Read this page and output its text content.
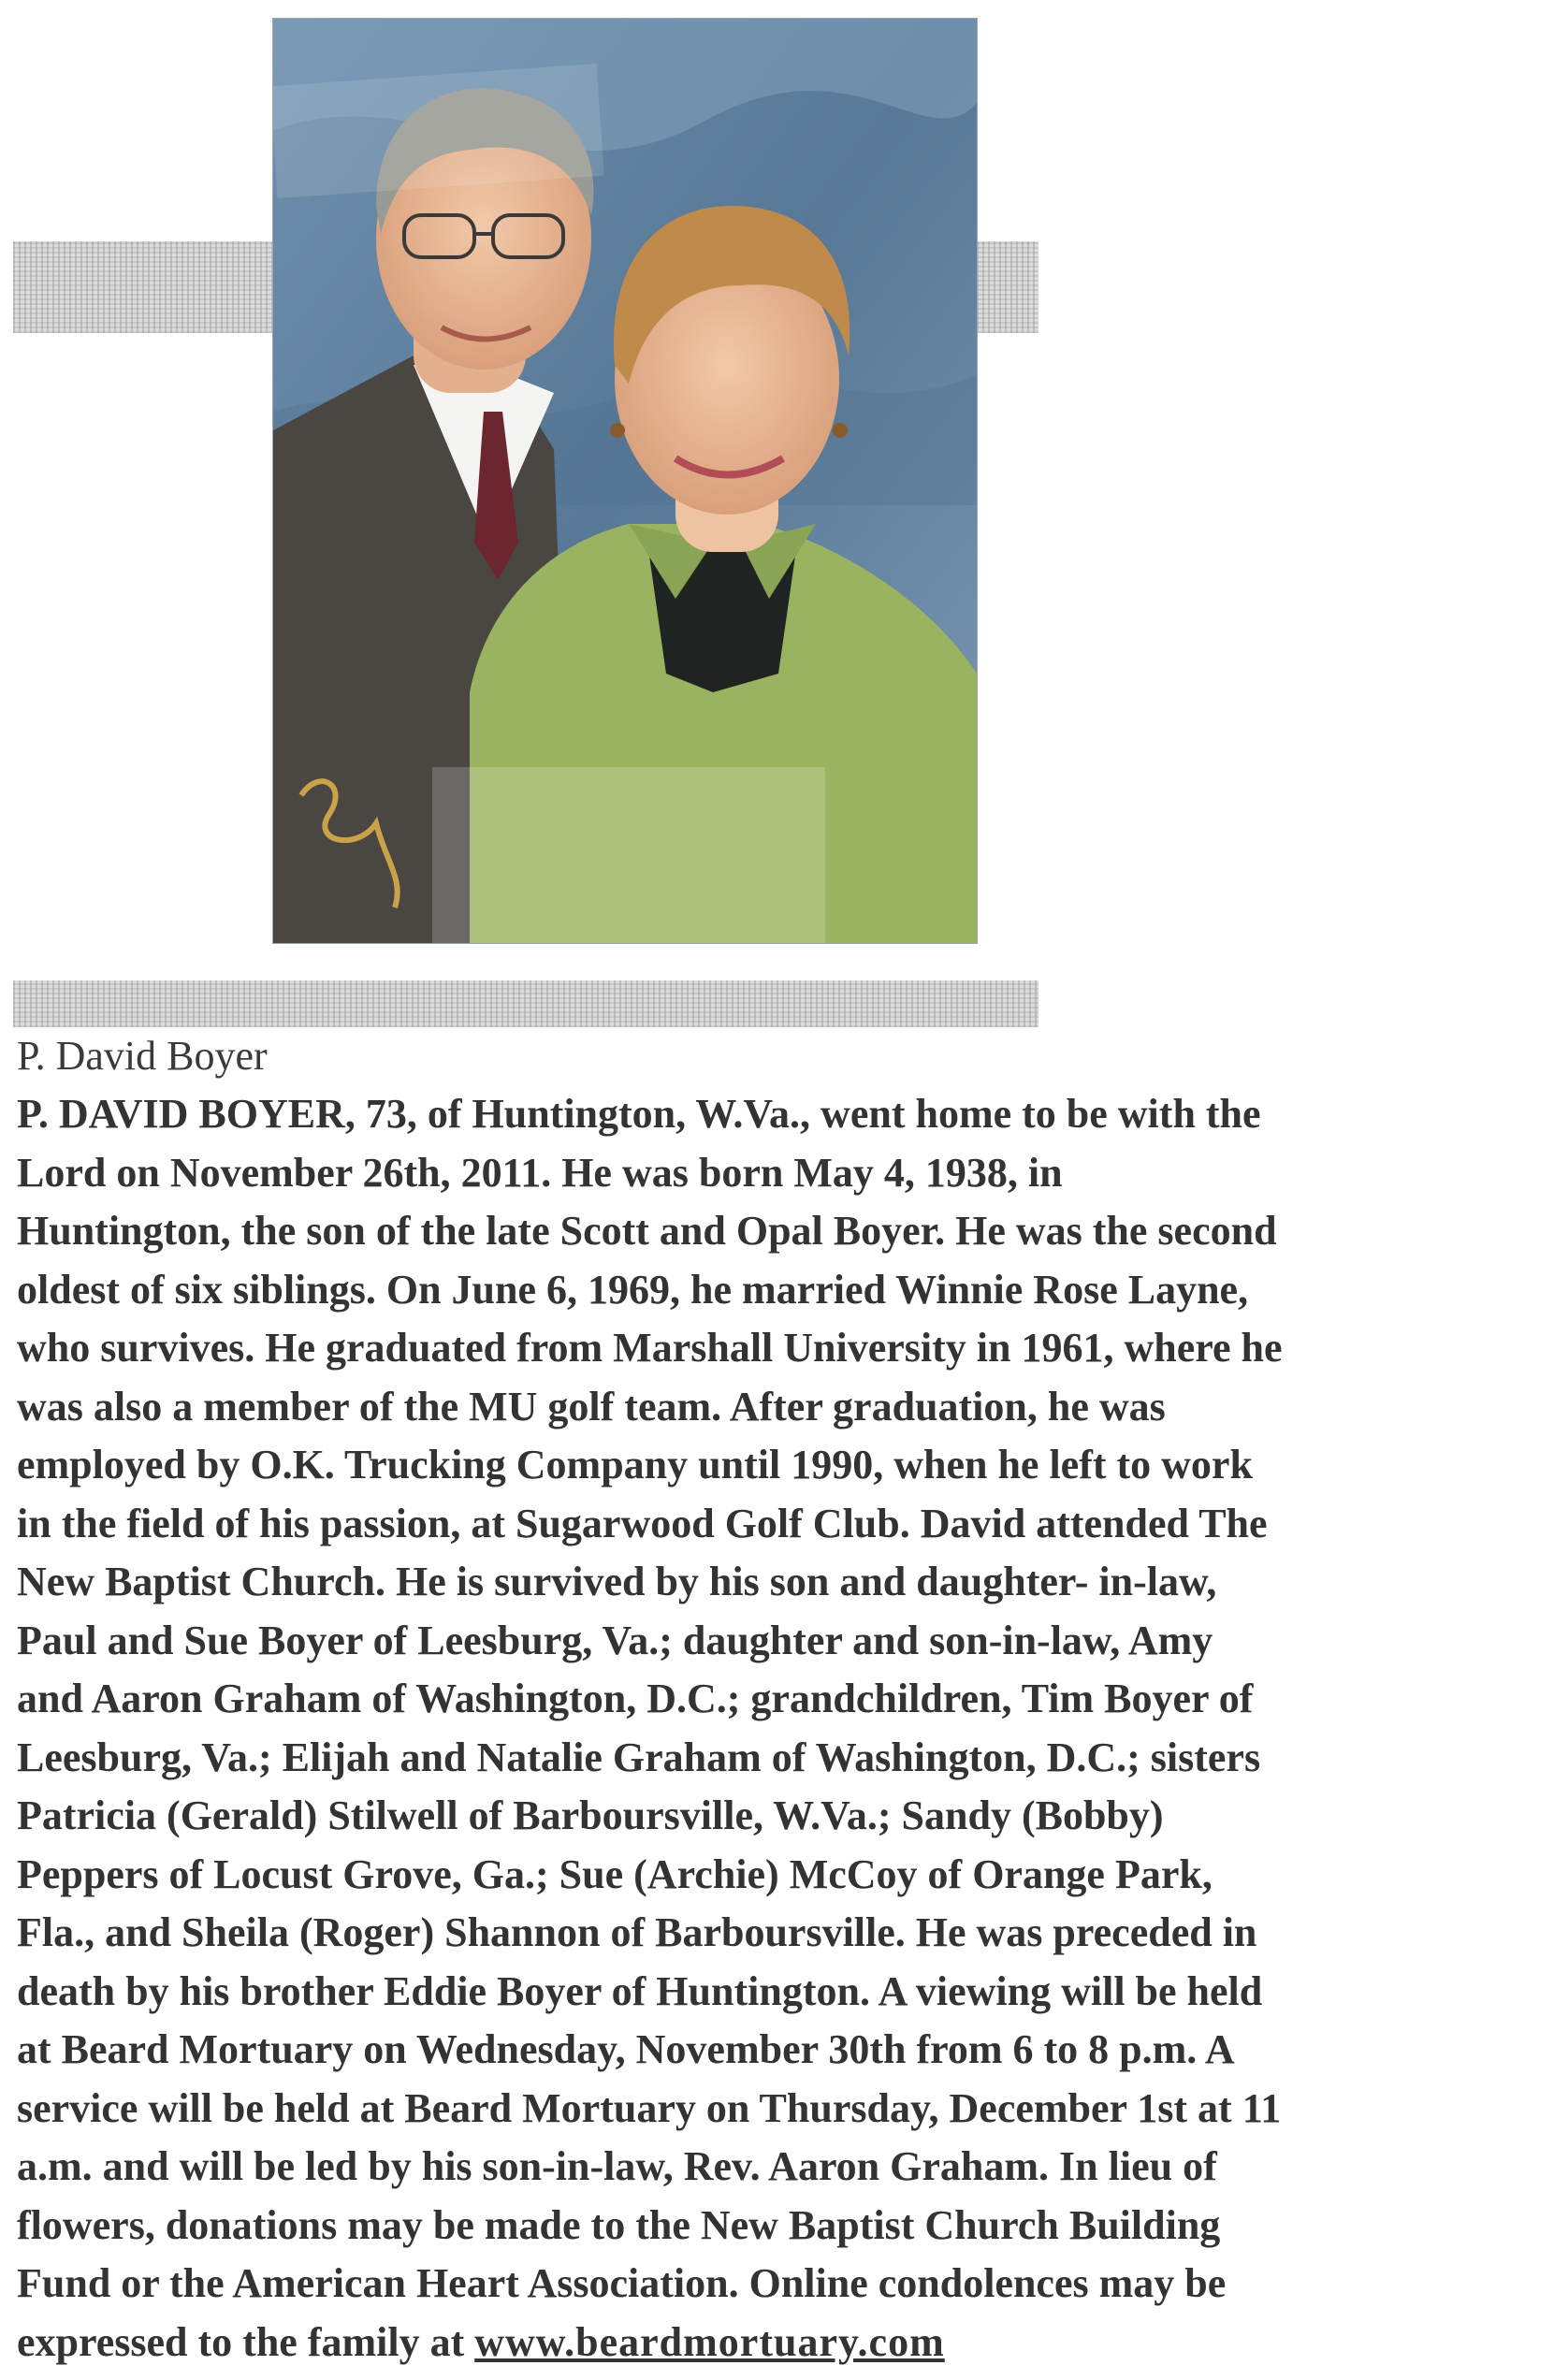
P. David Boyer

P. DAVID BOYER, 73, of Huntington, W.Va., went home to be with the
Lord on November 26th, 2011. He was born May 4, 1938, in
Huntington, the son of the late Scott and Opal Boyer. He was the second
oldest of six siblings. On June 6, 1969, he married Winnie Rose Layne,
who survives. He graduated from Marshall University in 1961, where he
was also a member of the MU golf team. After graduation, he was
employed by O.K. Trucking Company until 1990, when he left to work
in the field of his passion, at Sugarwood Golf Club. David attended The
New Baptist Church. He is survived by his son and daughter- in-law,
Paul and Sue Boyer of Leesburg, Va.; daughter and son-in-law, Amy
and Aaron Graham of Washington, D.C.; grandchildren, Tim Boyer of
Leesburg, Va.; Elijah and Natalie Graham of Washington, D.C.; sisters
Patricia (Gerald) Stilwell of Barboursville, W.Va.; Sandy (Bobby)
Peppers of Locust Grove, Ga.; Sue (Archie) McCoy of Orange Park,
Fla., and Sheila (Roger) Shannon of Barboursville. He was preceded in
death by his brother Eddie Boyer of Huntington. A viewing will be held
at Beard Mortuary on Wednesday, November 30th from 6 to 8 p.m. A
service will be held at Beard Mortuary on Thursday, December 1st at 11
a.m. and will be led by his son-in-law, Rev. Aaron Graham. In lieu of
flowers, donations may be made to the New Baptist Church Building
Fund or the American Heart Association. Online condolences may be
expressed to the family at www.beardmortuary.com
